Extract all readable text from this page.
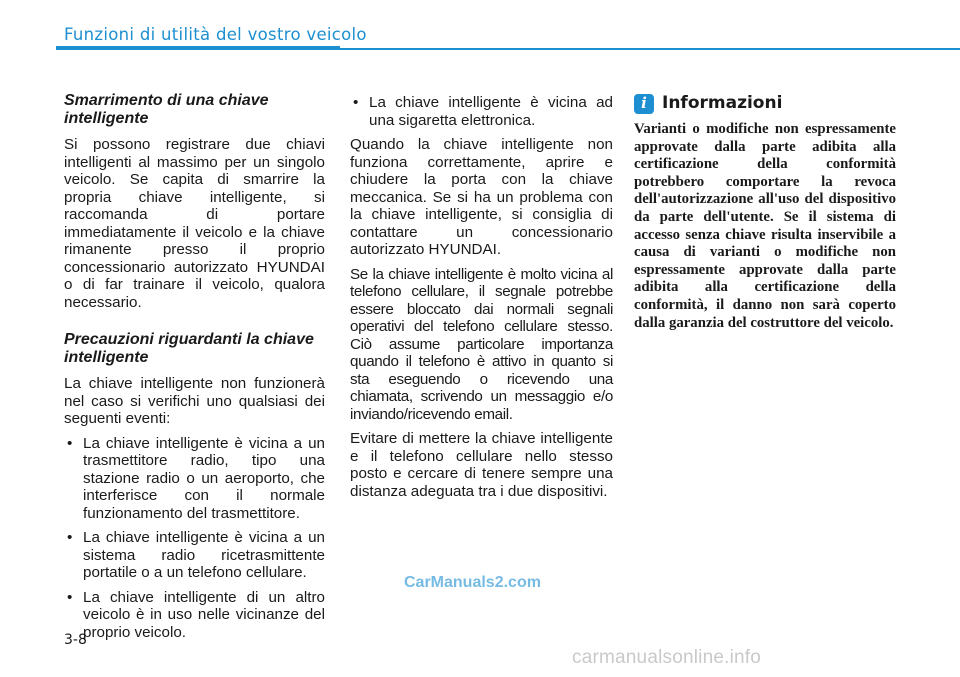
Funzioni di utilità del vostro veicolo
Smarrimento di una chiave intelligente

Si possono registrare due chiavi intelligenti al massimo per un singolo veicolo. Se capita di smarrire la propria chiave intelligente, si raccomanda di portare immediatamente il veicolo e la chiave rimanente presso il proprio concessionario autorizzato HYUNDAI o di far trainare il veicolo, qualora necessario.

Precauzioni riguardanti la chiave intelligente

La chiave intelligente non funzionerà nel caso si verifichi uno qualsiasi dei seguenti eventi:

• La chiave intelligente è vicina a un trasmettitore radio, tipo una stazione radio o un aeroporto, che interferisce con il normale funzionamento del trasmettitore.
• La chiave intelligente è vicina a un sistema radio ricetrasmittente portatile o a un telefono cellulare.
• La chiave intelligente di un altro veicolo è in uso nelle vicinanze del proprio veicolo.
• La chiave intelligente è vicina ad una sigaretta elettronica.

Quando la chiave intelligente non funziona correttamente, aprire e chiudere la porta con la chiave meccanica. Se si ha un problema con la chiave intelligente, si consiglia di contattare un concessionario autorizzato HYUNDAI.

Se la chiave intelligente è molto vicina al telefono cellulare, il segnale potrebbe essere bloccato dai normali segnali operativi del telefono cellulare stesso. Ciò assume particolare importanza quando il telefono è attivo in quanto si sta eseguendo o ricevendo una chiamata, scrivendo un messaggio e/o inviando/ricevendo email.

Evitare di mettere la chiave intelligente e il telefono cellulare nello stesso posto e cercare di tenere sempre una distanza adeguata tra i due dispositivi.

i Informazioni

Varianti o modifiche non espressamente approvate dalla parte adibita alla certificazione della conformità potrebbero comportare la revoca dell'autorizzazione all'uso del dispositivo da parte dell'utente. Se il sistema di accesso senza chiave risulta inservibile a causa di varianti o modifiche non espressamente approvate dalla parte adibita alla certificazione della conformità, il danno non sarà coperto dalla garanzia del costruttore del veicolo.

CarManuals2.com
3-8
carmanualsonline.info
